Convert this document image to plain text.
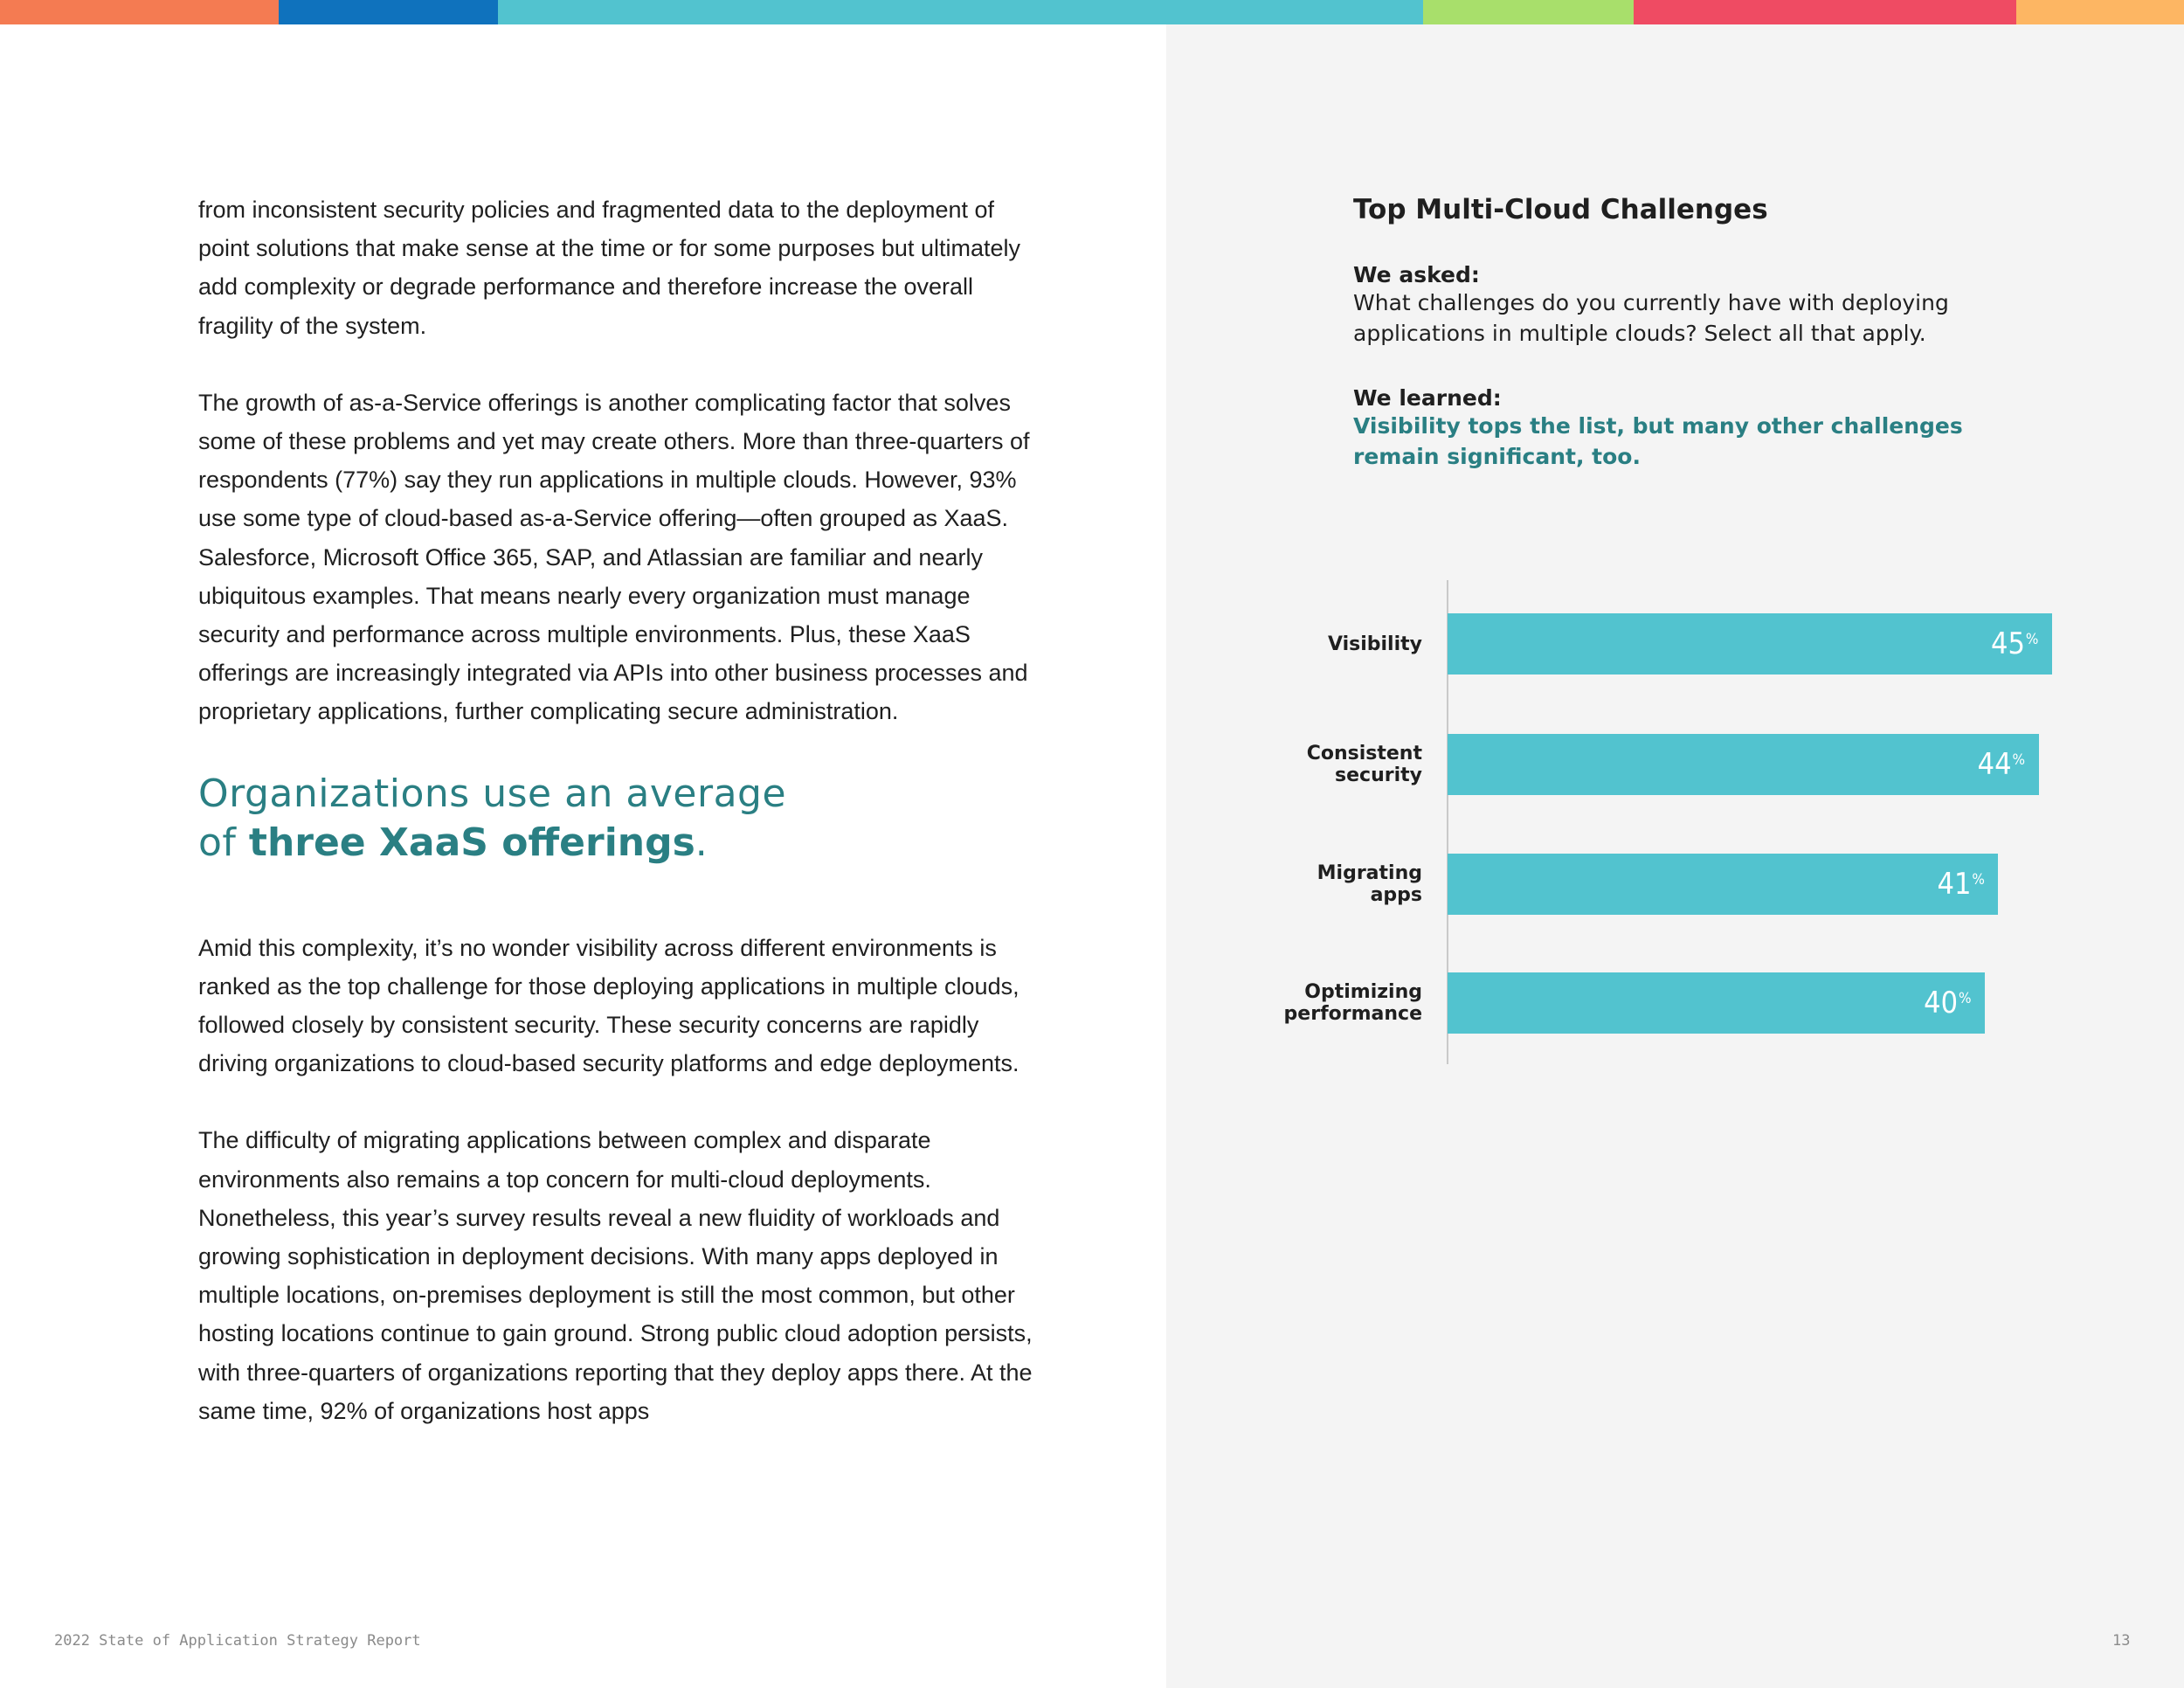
from inconsistent security policies and fragmented data to the deployment of point solutions that make sense at the time or for some purposes but ultimately add complexity or degrade performance and therefore increase the overall fragility of the system.

The growth of as-a-Service offerings is another complicating factor that solves some of these problems and yet may create others. More than three-quarters of respondents (77%) say they run applications in multiple clouds. However, 93% use some type of cloud-based as-a-Service offering—often grouped as XaaS. Salesforce, Microsoft Office 365, SAP, and Atlassian are familiar and nearly ubiquitous examples. That means nearly every organization must manage security and performance across multiple environments. Plus, these XaaS offerings are increasingly integrated via APIs into other business processes and proprietary applications, further complicating secure administration.

Organizations use an average
of three XaaS offerings.

Amid this complexity, it’s no wonder visibility across different environments is ranked as the top challenge for those deploying applications in multiple clouds, followed closely by consistent security. These security concerns are rapidly driving organizations to cloud-based security platforms and edge deployments.

The difficulty of migrating applications between complex and disparate environments also remains a top concern for multi-cloud deployments. Nonetheless, this year’s survey results reveal a new fluidity of workloads and growing sophistication in deployment decisions. With many apps deployed in multiple locations, on-premises deployment is still the most common, but other hosting locations continue to gain ground. Strong public cloud adoption persists, with three-quarters of organizations reporting that they deploy apps there. At the same time, 92% of organizations host apps

Top Multi-Cloud Challenges
We asked:
What challenges do you currently have with deploying applications in multiple clouds? Select all that apply.
We learned:
Visibility tops the list, but many other challenges remain significant, too.
Visibility	45 %
Consistent
security	44 %
Migrating
apps	41 %
Optimizing
performance	40 %
2022 State of Application Strategy Report	13
